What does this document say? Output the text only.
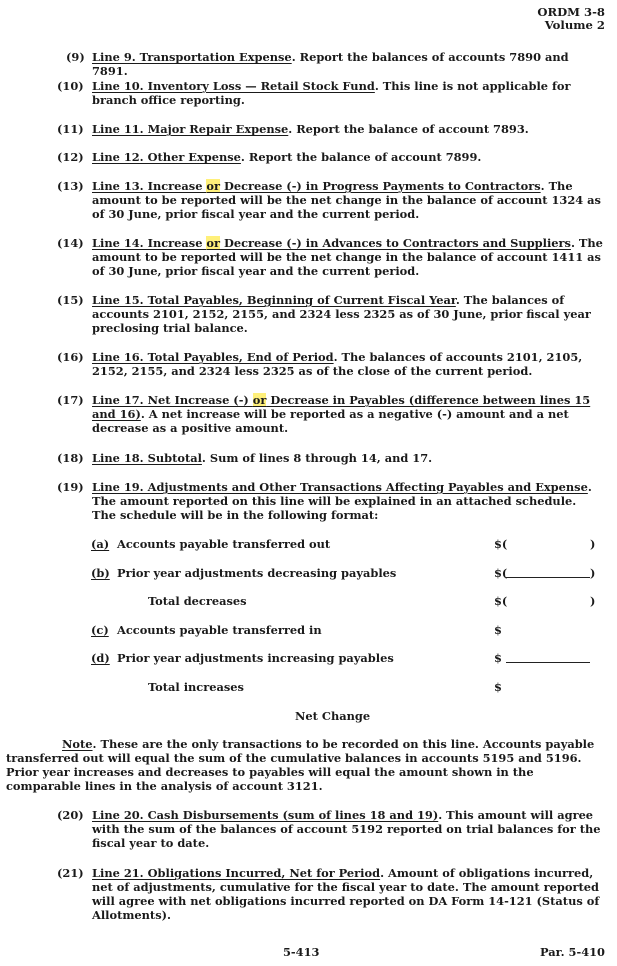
ORDM 3-8
Volume 2
(9) Line 9. Transportation Expense. Report the balances of accounts 7890 and 7891.
(10) Line 10. Inventory Loss — Retail Stock Fund. This line is not applicable for branch office reporting.
(11) Line 11. Major Repair Expense. Report the balance of account 7893.
(12) Line 12. Other Expense. Report the balance of account 7899.
(13) Line 13. Increase or Decrease (-) in Progress Payments to Contractors. The amount to be reported will be the net change in the balance of account 1324 as of 30 June, prior fiscal year and the current period.
(14) Line 14. Increase or Decrease (-) in Advances to Contractors and Suppliers. The amount to be reported will be the net change in the balance of account 1411 as of 30 June, prior fiscal year and the current period.
(15) Line 15. Total Payables, Beginning of Current Fiscal Year. The balances of accounts 2101, 2152, 2155, and 2324 less 2325 as of 30 June, prior fiscal year preclosing trial balance.
(16) Line 16. Total Payables, End of Period. The balances of accounts 2101, 2105, 2152, 2155, and 2324 less 2325 as of the close of the current period.
(17) Line 17. Net Increase (-) or Decrease in Payables (difference between lines 15 and 16). A net increase will be reported as a negative (-) amount and a net decrease as a positive amount.
(18) Line 18. Subtotal. Sum of lines 8 through 14, and 17.
(19) Line 19. Adjustments and Other Transactions Affecting Payables and Expense. The amount reported on this line will be explained in an attached schedule. The schedule will be in the following format:
(a) Accounts payable transferred out	$(	)
(b) Prior year adjustments decreasing payables	$(	)
Total decreases	$(	)
(c) Accounts payable transferred in	$
(d) Prior year adjustments increasing payables	$
Total increases	$
Net Change
Note. These are the only transactions to be recorded on this line. Accounts payable transferred out will equal the sum of the cumulative balances in accounts 5195 and 5196. Prior year increases and decreases to payables will equal the amount shown in the comparable lines in the analysis of account 3121.
(20) Line 20. Cash Disbursements (sum of lines 18 and 19). This amount will agree with the sum of the balances of account 5192 reported on trial balances for the fiscal year to date.
(21) Line 21. Obligations Incurred, Net for Period. Amount of obligations incurred, net of adjustments, cumulative for the fiscal year to date. The amount reported will agree with net obligations incurred reported on DA Form 14-121 (Status of Allotments).
5-413	Par. 5-410
